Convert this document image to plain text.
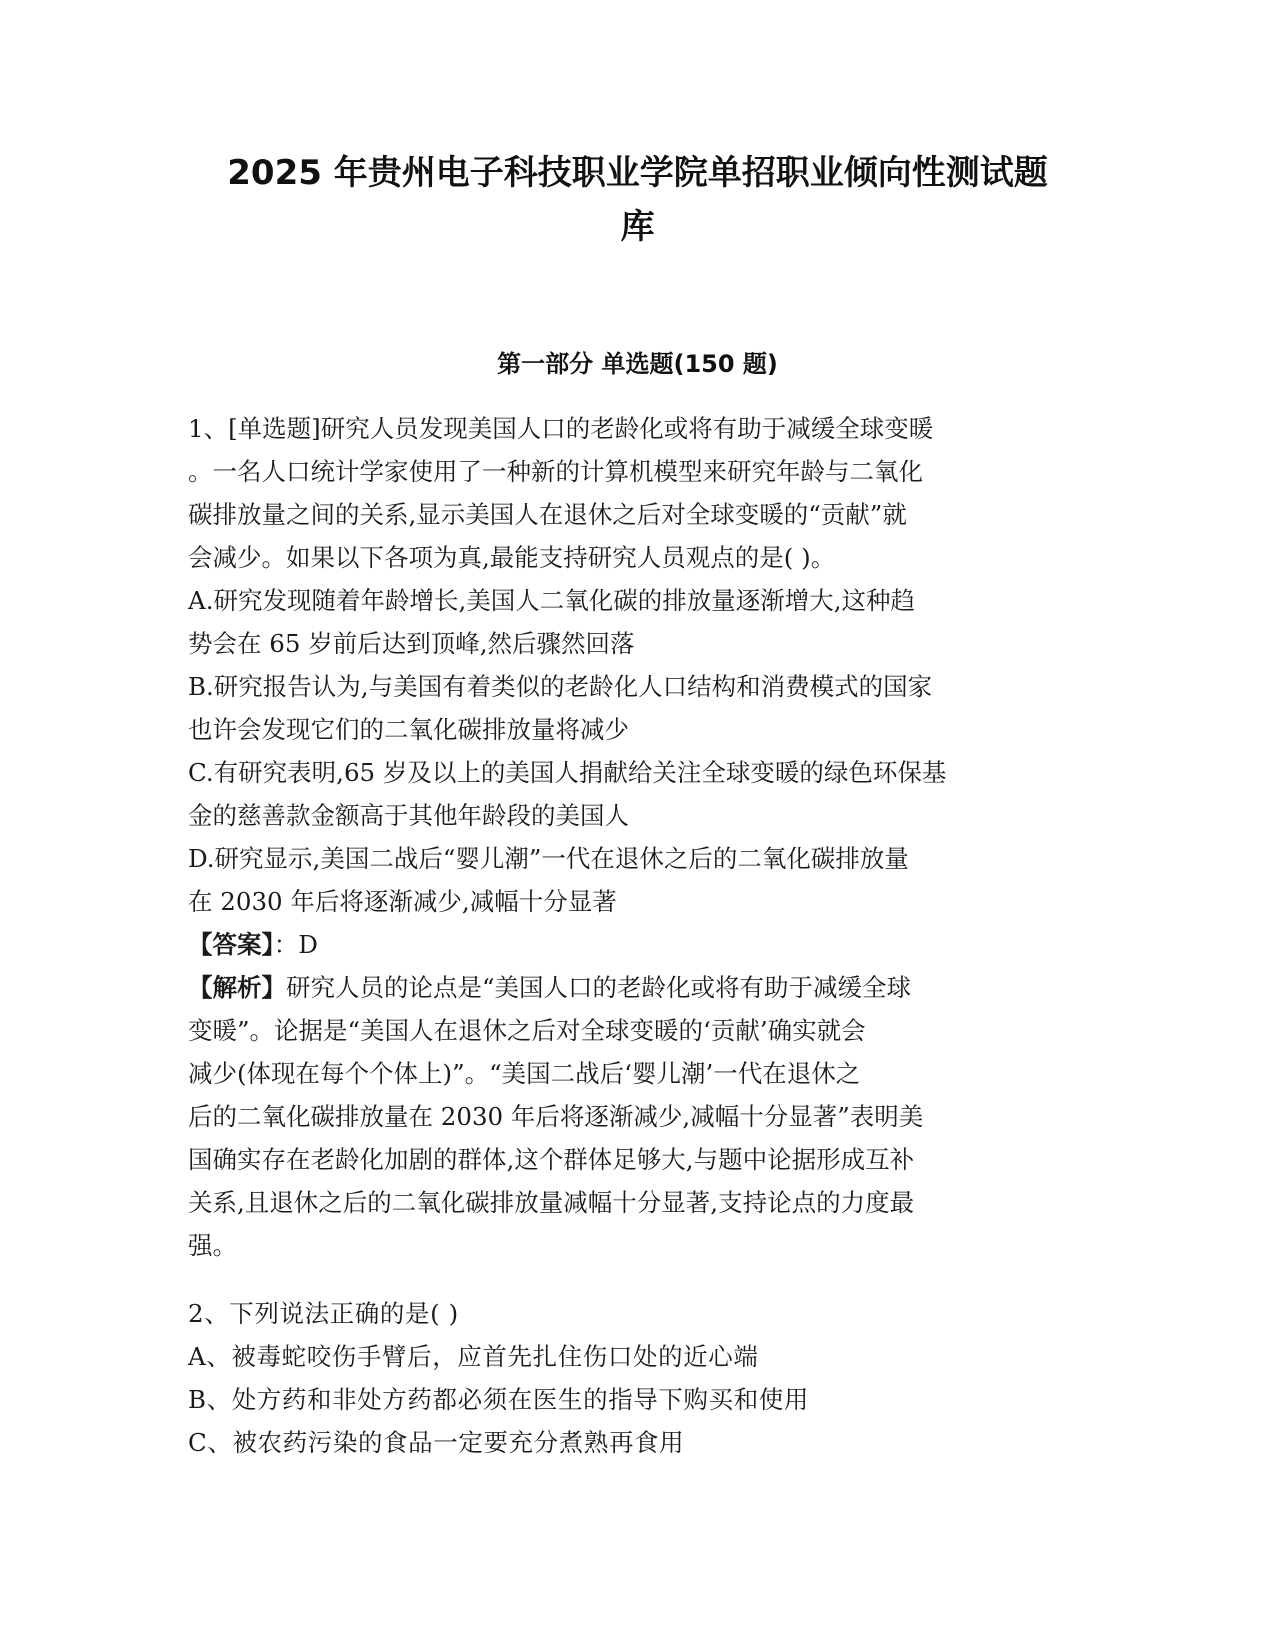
2025 年贵州电子科技职业学院单招职业倾向性测试题
库
第一部分 单选题(150 题)
1、[单选题]研究人员发现美国人口的老龄化或将有助于减缓全球变暖
。一名人口统计学家使用了一种新的计算机模型来研究年龄与二氧化
碳排放量之间的关系,显示美国人在退休之后对全球变暖的“贡献”就
会减少。如果以下各项为真,最能支持研究人员观点的是( )。
A.研究发现随着年龄增长,美国人二氧化碳的排放量逐渐增大,这种趋
势会在 65 岁前后达到顶峰,然后骤然回落
B.研究报告认为,与美国有着类似的老龄化人口结构和消费模式的国家
也许会发现它们的二氧化碳排放量将减少
C.有研究表明,65 岁及以上的美国人捐献给关注全球变暖的绿色环保基
金的慈善款金额高于其他年龄段的美国人
D.研究显示,美国二战后“婴儿潮”一代在退休之后的二氧化碳排放量
在 2030 年后将逐渐减少,减幅十分显著
【答案】：D
【解析】研究人员的论点是“美国人口的老龄化或将有助于减缓全球
变暖”。论据是“美国人在退休之后对全球变暖的‘贡献’确实就会
减少(体现在每个个体上)”。“美国二战后‘婴儿潮’一代在退休之
后的二氧化碳排放量在 2030 年后将逐渐减少,减幅十分显著”表明美
国确实存在老龄化加剧的群体,这个群体足够大,与题中论据形成互补
关系,且退休之后的二氧化碳排放量减幅十分显著,支持论点的力度最
强。
2、下列说法正确的是( )
A、被毒蛇咬伤手臂后，应首先扎住伤口处的近心端
B、处方药和非处方药都必须在医生的指导下购买和使用
C、被农药污染的食品一定要充分煮熟再食用
